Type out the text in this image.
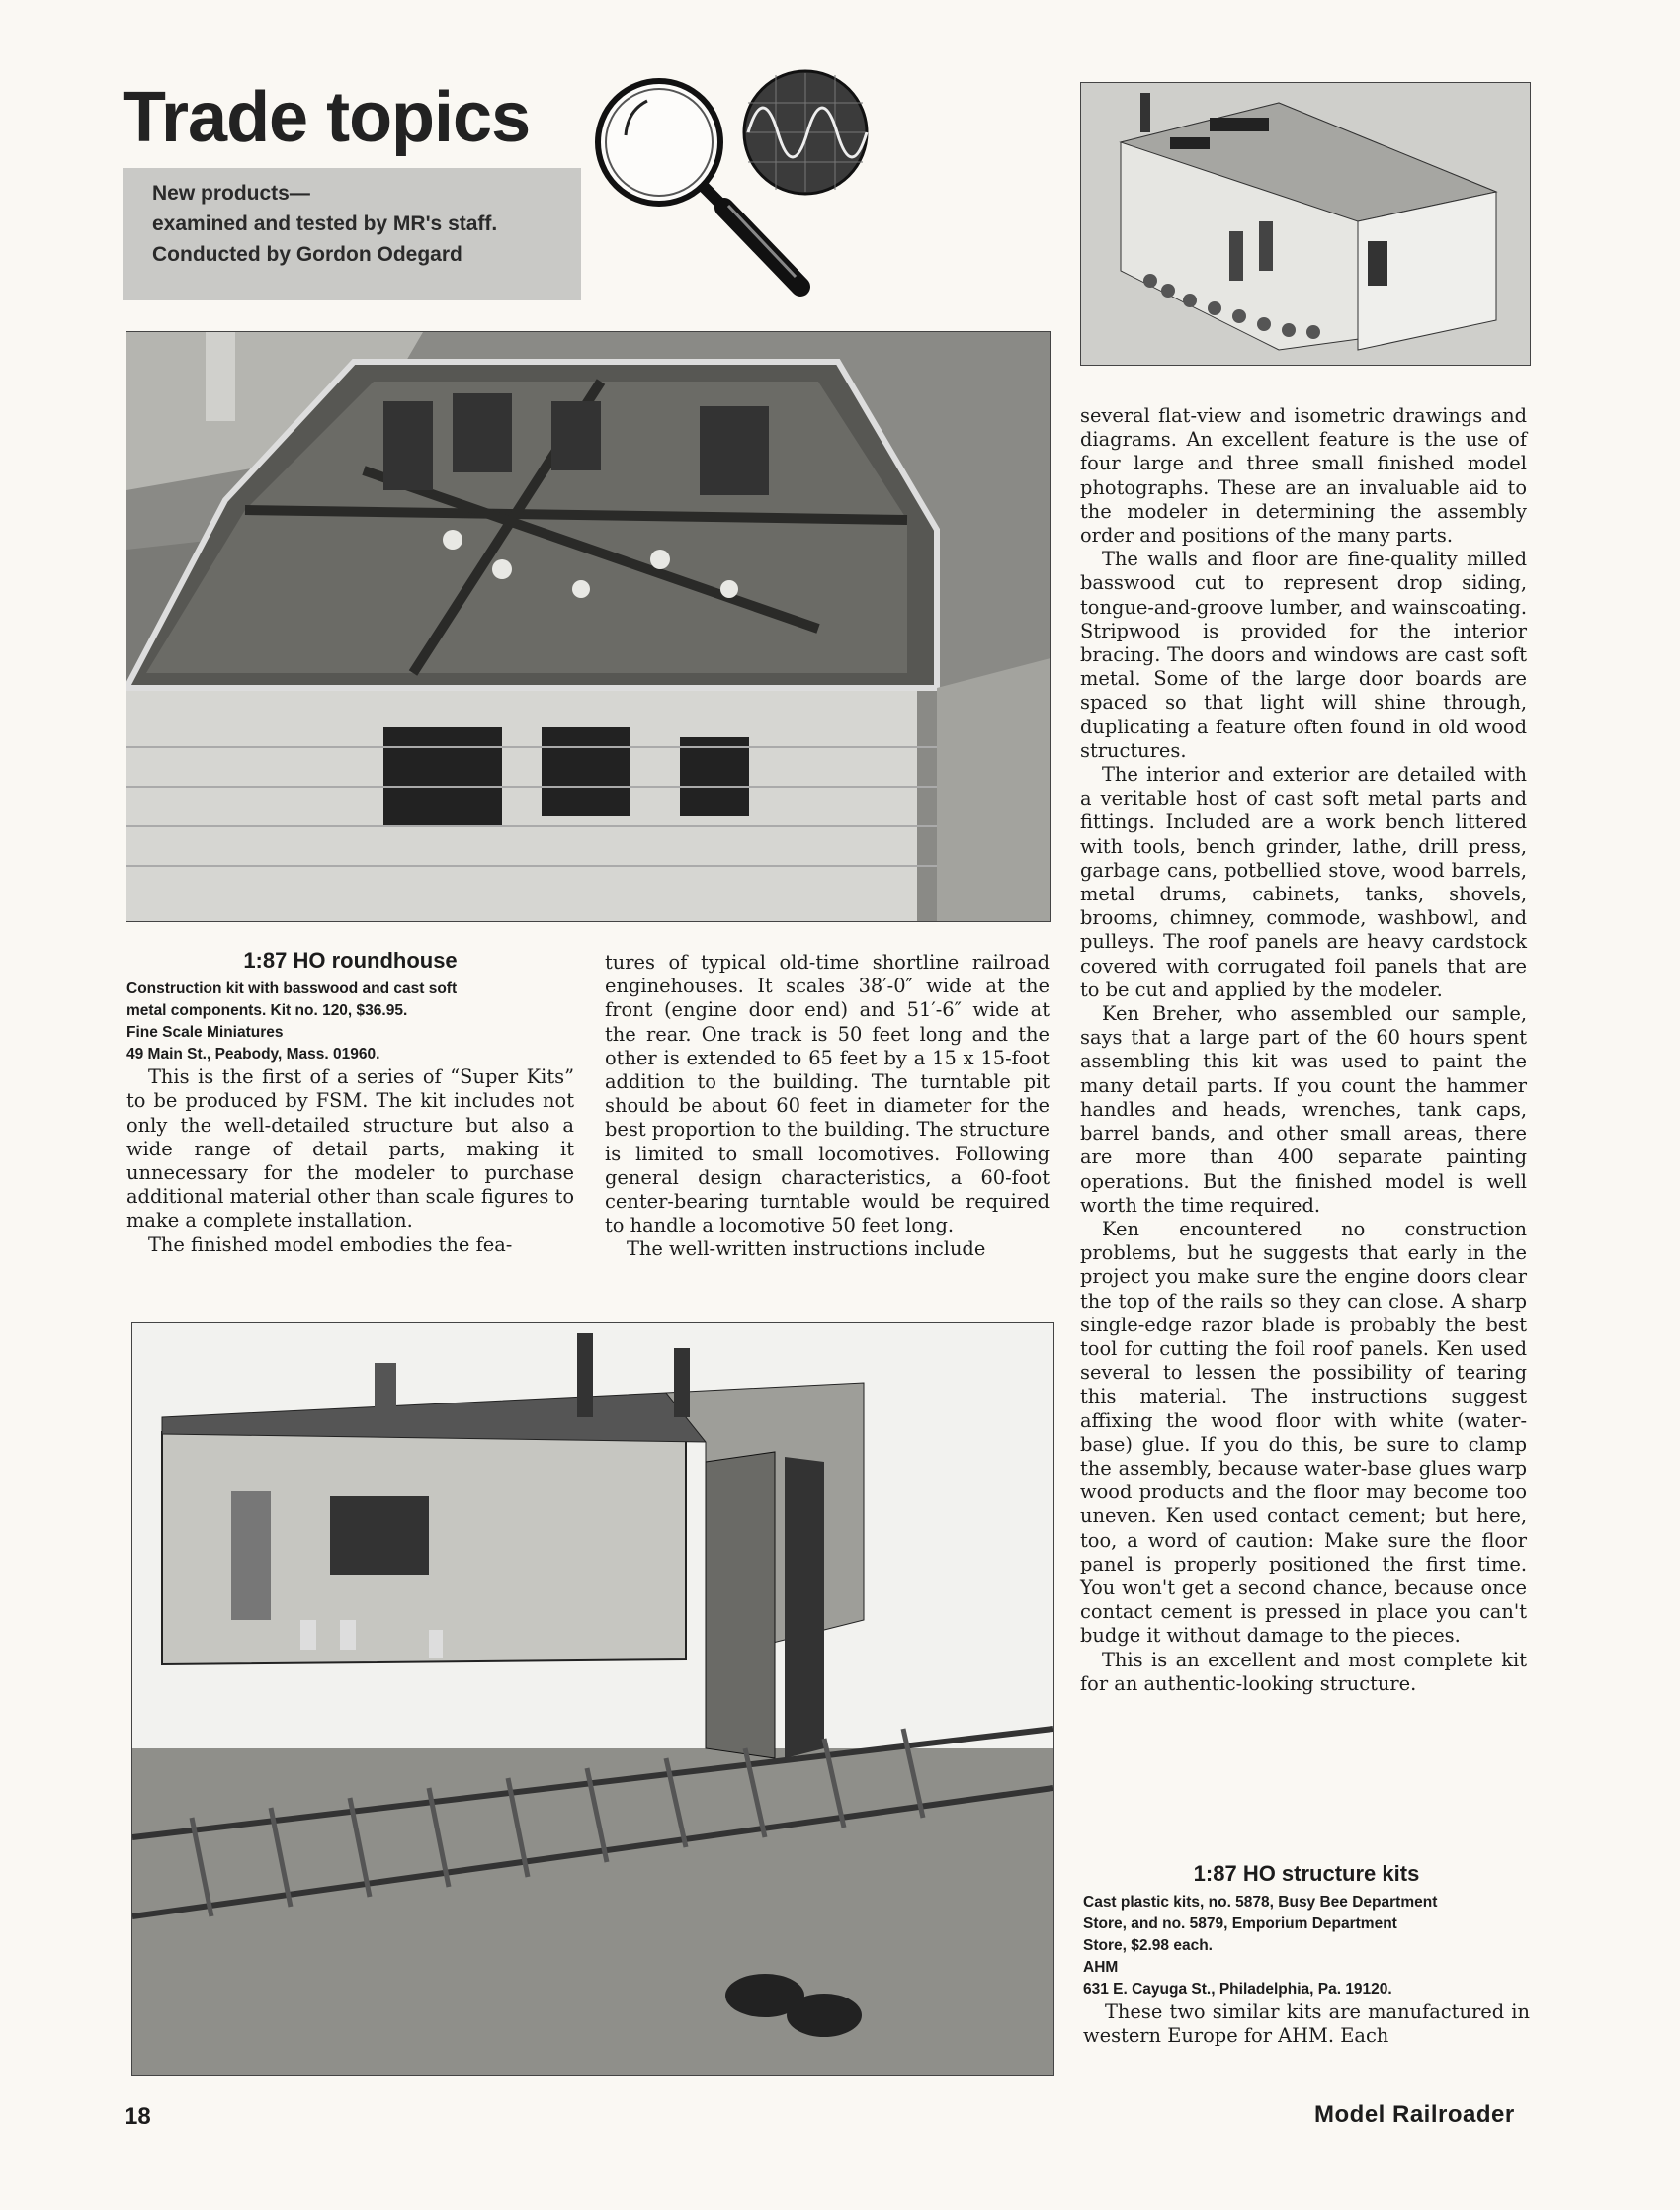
Trade topics
New products—
examined and tested by MR's staff.
Conducted by Gordon Odegard
1:87 HO roundhouse
Construction kit with basswood and cast soft
metal components. Kit no. 120, $36.95.
Fine Scale Miniatures
49 Main St., Peabody, Mass. 01960.

This is the first of a series of “Super Kits” to be produced by FSM. The kit includes not only the well-detailed structure but also a wide range of detail parts, making it unnecessary for the modeler to purchase additional material other than scale figures to make a complete installation.

The finished model embodies the fea-

tures of typical old-time shortline railroad enginehouses. It scales 38′-0″ wide at the front (engine door end) and 51′-6″ wide at the rear. One track is 50 feet long and the other is extended to 65 feet by a 15 x 15-foot addition to the building. The turntable pit should be about 60 feet in diameter for the best proportion to the building. The structure is limited to small locomotives. Following general design characteristics, a 60-foot center-bearing turntable would be required to handle a locomotive 50 feet long.

The well-written instructions include

several flat-view and isometric drawings and diagrams. An excellent feature is the use of four large and three small finished model photographs. These are an invaluable aid to the modeler in determining the assembly order and positions of the many parts.

The walls and floor are fine-quality milled basswood cut to represent drop siding, tongue-and-groove lumber, and wainscoating. Stripwood is provided for the interior bracing. The doors and windows are cast soft metal. Some of the large door boards are spaced so that light will shine through, duplicating a feature often found in old wood structures.

The interior and exterior are detailed with a veritable host of cast soft metal parts and fittings. Included are a work bench littered with tools, bench grinder, lathe, drill press, garbage cans, potbellied stove, wood barrels, metal drums, cabinets, tanks, shovels, brooms, chimney, commode, washbowl, and pulleys. The roof panels are heavy cardstock covered with corrugated foil panels that are to be cut and applied by the modeler.

Ken Breher, who assembled our sample, says that a large part of the 60 hours spent assembling this kit was used to paint the many detail parts. If you count the hammer handles and heads, wrenches, tank caps, barrel bands, and other small areas, there are more than 400 separate painting operations. But the finished model is well worth the time required.

Ken encountered no construction problems, but he suggests that early in the project you make sure the engine doors clear the top of the rails so they can close. A sharp single-edge razor blade is probably the best tool for cutting the foil roof panels. Ken used several to lessen the possibility of tearing this material. The instructions suggest affixing the wood floor with white (water-base) glue. If you do this, be sure to clamp the assembly, because water-base glues warp wood products and the floor may become too uneven. Ken used contact cement; but here, too, a word of caution: Make sure the floor panel is properly positioned the first time. You won't get a second chance, because once contact cement is pressed in place you can't budge it without damage to the pieces.

This is an excellent and most complete kit for an authentic-looking structure.

1:87 HO structure kits
Cast plastic kits, no. 5878, Busy Bee Department
Store, and no. 5879, Emporium Department
Store, $2.98 each.
AHM
631 E. Cayuga St., Philadelphia, Pa. 19120.

These two similar kits are manufactured in western Europe for AHM. Each

18	Model Railroader
